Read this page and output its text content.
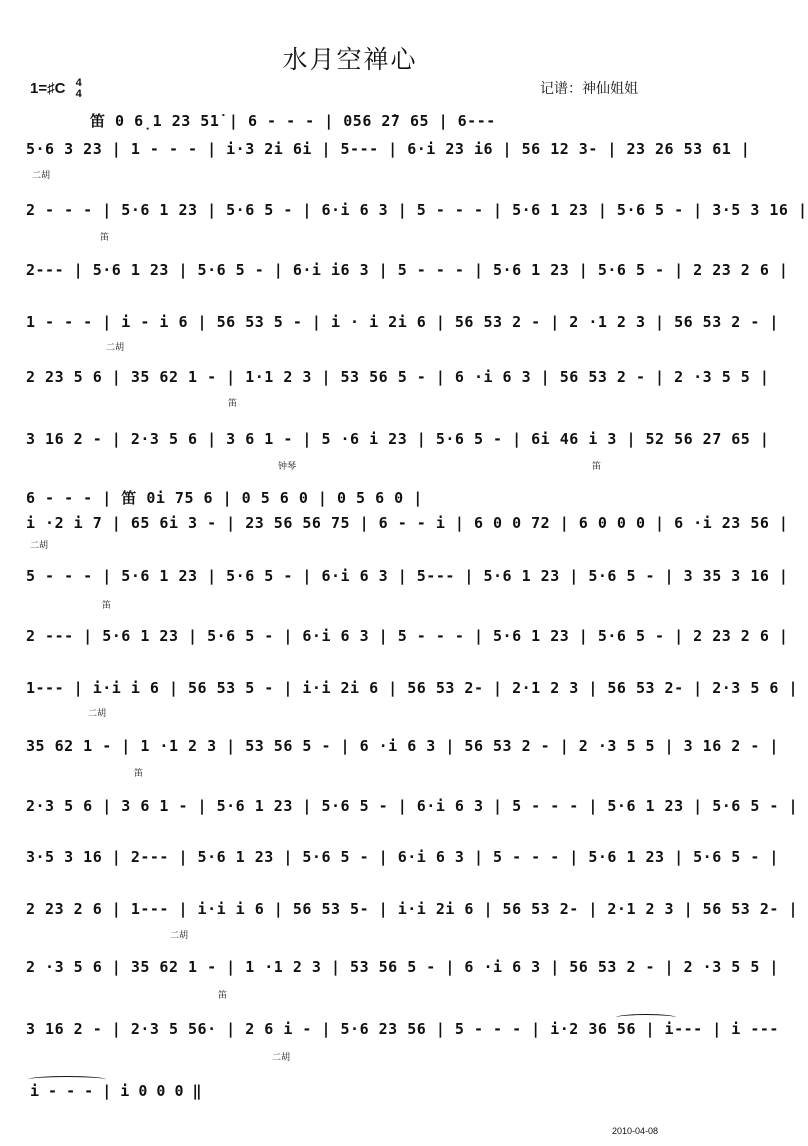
水月空禅心
1=♯C 4
4	记谱：神仙姐姐
笛 0 6̣1 23 51̇ | 6 - - - | 056 2̇7 65 | 6---
5·6 3 23 | 1 - - - | i·3 2i 6i | 5--- | 6·i 23 i6 | 56 12 3- | 23 26 53 61 |
2 - - - | 5·6 1 23 | 5·6 5 - | 6·i 6 3 | 5 - - - | 5·6 1 23 | 5·6 5 - | 3·5 3 16 |
2--- | 5·6 1 23 | 5·6 5 - | 6·i i6 3 | 5 - - - | 5·6 1 23 | 5·6 5 - | 2 23 2 6 |
1 - - - | i - i 6 | 56 53 5 - | i · i 2i 6 | 56 53 2 - | 2 ·1 2 3 | 56 53 2 - |
2 23 5 6 | 35 62 1 - | 1·1 2 3 | 53 56 5 - | 6 ·i 6 3 | 56 53 2 - | 2 ·3 5 5 |
3 16 2 - | 2·3 5 6 | 3 6 1 - | 5 ·6 i 23 | 5·6 5 - | 6i 46 i 3 | 52 56 27 65 |
6 - - - | 笛 0i 75 6 | 0 5 6 0 | 0 5 6 0 |
i ·2 i 7 | 65 6i 3 - | 23 56 56 75 | 6 - - i | 6 0 0 72 | 6 0 0 0 | 6 ·i 23 56 |
5 - - - | 5·6 1 23 | 5·6 5 - | 6·i 6 3 | 5--- | 5·6 1 23 | 5·6 5 - | 3 35 3 16 |
2 --- | 5·6 1 23 | 5·6 5 - | 6·i 6 3 | 5 - - - | 5·6 1 23 | 5·6 5 - | 2 23 2 6 |
1--- | i·i i 6 | 56 53 5 - | i·i 2i 6 | 56 53 2- | 2·1 2 3 | 56 53 2- | 2·3 5 6 |
35 62 1 - | 1 ·1 2 3 | 53 56 5 - | 6 ·i 6 3 | 56 53 2 - | 2 ·3 5 5 | 3 16 2 - |
2·3 5 6 | 3 6 1 - | 5·6 1 23 | 5·6 5 - | 6·i 6 3 | 5 - - - | 5·6 1 23 | 5·6 5 - |
3·5 3 16 | 2--- | 5·6 1 23 | 5·6 5 - | 6·i 6 3 | 5 - - - | 5·6 1 23 | 5·6 5 - |
2 23 2 6 | 1--- | i·i i 6 | 56 53 5- | i·i 2i 6 | 56 53 2- | 2·1 2 3 | 56 53 2- |
2 ·3 5 6 | 35 62 1 - | 1 ·1 2 3 | 53 56 5 - | 6 ·i 6 3 | 56 53 2 - | 2 ·3 5 5 |
3 16 2 - | 2·3 5 56· | 2 6 i - | 5·6 23 56 | 5 - - - | i·2 36 56 | i--- | i ---
i - - - | i 0 0 0 ‖
二胡
笛
二胡
笛
钟琴	笛
二胡
笛
二胡
笛
二胡
笛
二胡
2010-04-08
